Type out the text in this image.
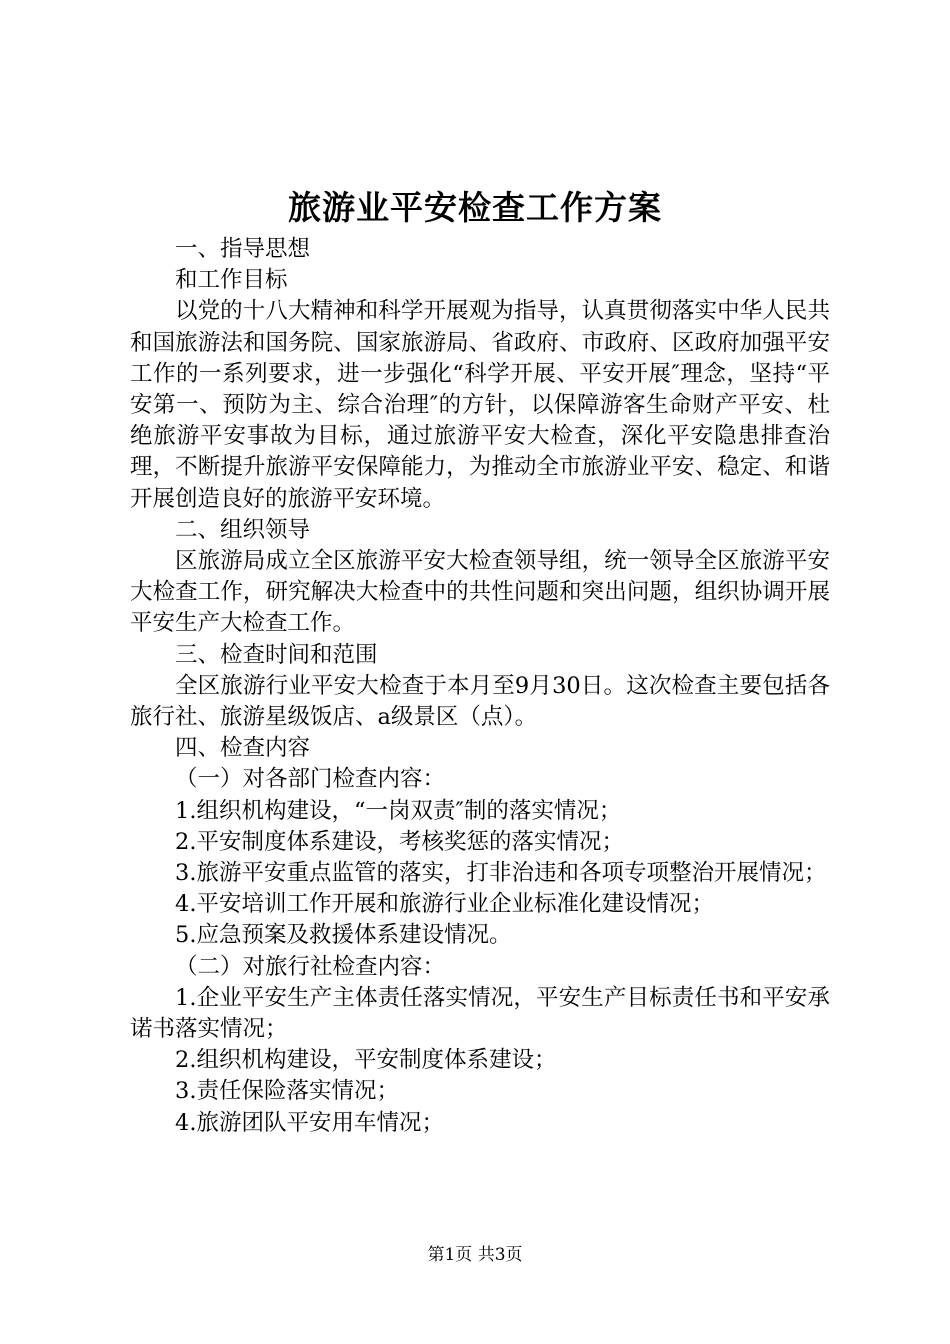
旅游业平安检查工作方案

一、指导思想

和工作目标

以党的十八大精神和科学开展观为指导，认真贯彻落实中华人民共和国旅游法和国务院、国家旅游局、省政府、市政府、区政府加强平安工作的一系列要求，进一步强化“科学开展、平安开展″理念，坚持“平安第一、预防为主、综合治理″的方针，以保障游客生命财产平安、杜绝旅游平安事故为目标，通过旅游平安大检查，深化平安隐患排查治理，不断提升旅游平安保障能力，为推动全市旅游业平安、稳定、和谐开展创造良好的旅游平安环境。

二、组织领导

区旅游局成立全区旅游平安大检查领导组，统一领导全区旅游平安大检查工作，研究解决大检查中的共性问题和突出问题，组织协调开展平安生产大检查工作。

三、检查时间和范围

全区旅游行业平安大检查于本月至9月30日。这次检查主要包括各旅行社、旅游星级饭店、a级景区（点）。

四、检查内容

（一）对各部门检查内容：

1.组织机构建设，“一岗双责″制的落实情况；

2.平安制度体系建设，考核奖惩的落实情况；

3.旅游平安重点监管的落实，打非治违和各项专项整治开展情况；

4.平安培训工作开展和旅游行业企业标准化建设情况；

5.应急预案及救援体系建设情况。

（二）对旅行社检查内容：

1.企业平安生产主体责任落实情况，平安生产目标责任书和平安承诺书落实情况；

2.组织机构建设，平安制度体系建设；

3.责任保险落实情况；

4.旅游团队平安用车情况；

第1页 共3页
